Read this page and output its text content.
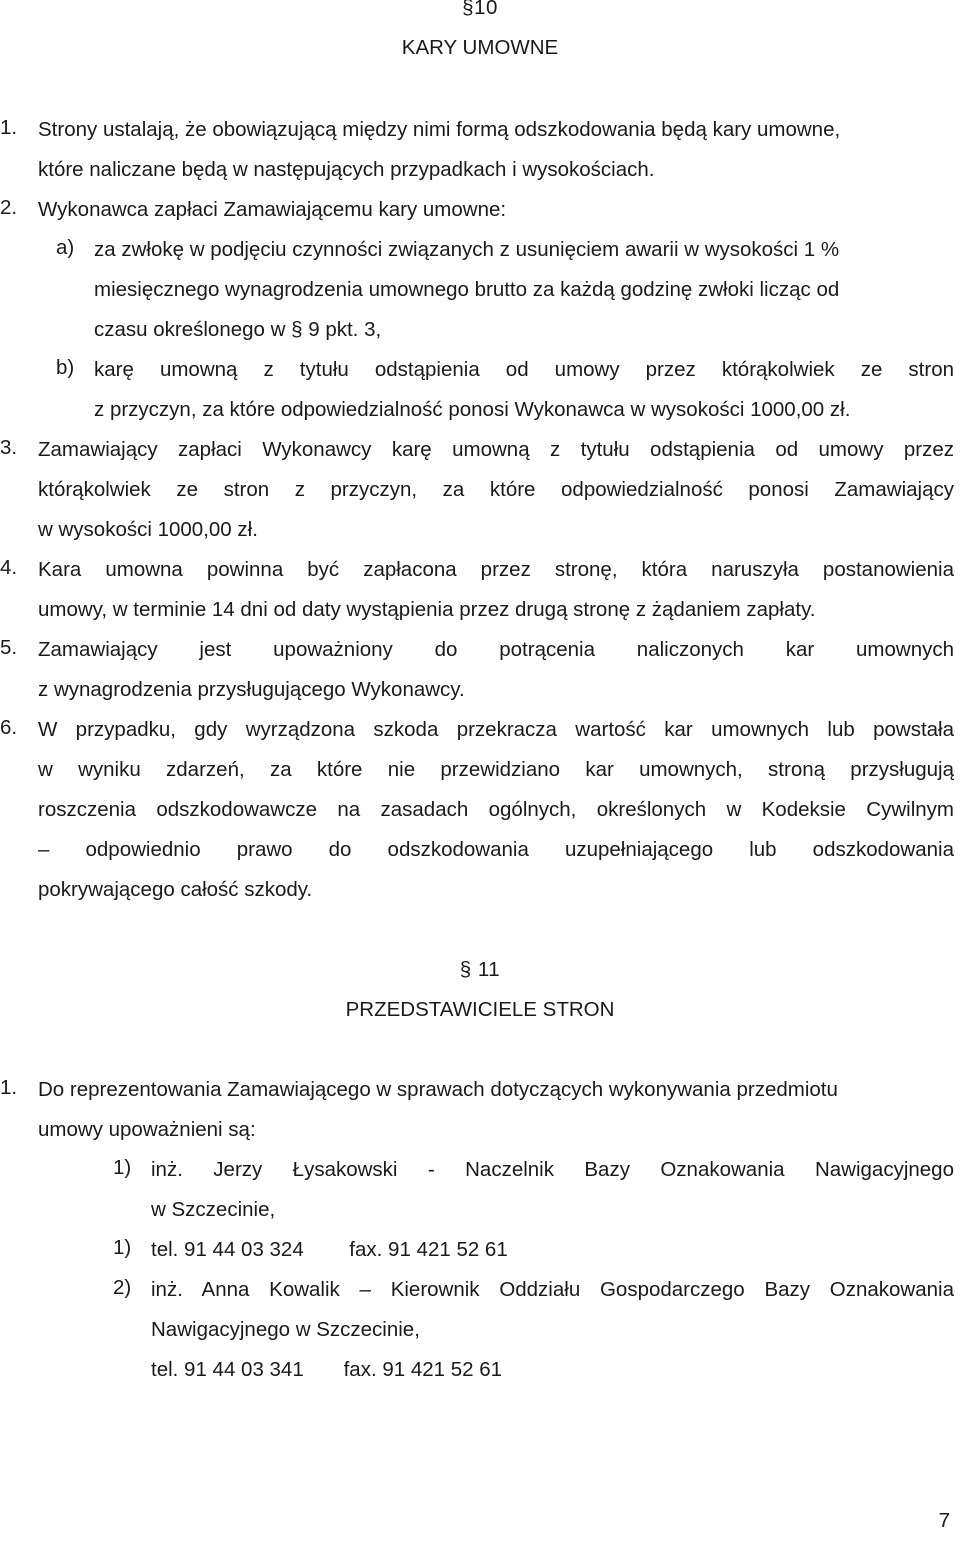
§10
KARY UMOWNE
1. Strony ustalają, że obowiązującą między nimi formą odszkodowania będą kary umowne,
które naliczane będą w następujących przypadkach i wysokościach.
2. Wykonawca zapłaci Zamawiającemu kary umowne:
a) za zwłokę w podjęciu czynności związanych z usunięciem awarii w wysokości 1 %
miesięcznego wynagrodzenia umownego brutto za każdą godzinę zwłoki licząc od
czasu określonego w § 9 pkt. 3,
b) karę umowną z tytułu odstąpienia od umowy przez którąkolwiek ze stron
z przyczyn, za które odpowiedzialność ponosi Wykonawca w wysokości 1000,00 zł.
3. Zamawiający zapłaci Wykonawcy karę umowną z tytułu odstąpienia od umowy przez
którąkolwiek ze stron z przyczyn, za które odpowiedzialność ponosi Zamawiający
w wysokości 1000,00 zł.
4. Kara umowna powinna być zapłacona przez stronę, która naruszyła postanowienia
umowy, w terminie 14 dni od daty wystąpienia przez drugą stronę z żądaniem zapłaty.
5. Zamawiający jest upoważniony do potrącenia naliczonych kar umownych
z wynagrodzenia przysługującego Wykonawcy.
6. W przypadku, gdy wyrządzona szkoda przekracza wartość kar umownych lub powstała
w wyniku zdarzeń, za które nie przewidziano kar umownych, stroną przysługują
roszczenia odszkodowawcze na zasadach ogólnych, określonych w Kodeksie Cywilnym
– odpowiednio prawo do odszkodowania uzupełniającego lub odszkodowania
pokrywającego całość szkody.
§ 11
PRZEDSTAWICIELE STRON
1. Do reprezentowania Zamawiającego w sprawach dotyczących wykonywania przedmiotu
umowy upoważnieni są:
1) inż. Jerzy Łysakowski - Naczelnik Bazy Oznakowania Nawigacyjnego
w Szczecinie,
1) tel. 91 44 03 324        fax. 91 421 52 61
2) inż. Anna Kowalik – Kierownik Oddziału Gospodarczego Bazy Oznakowania
Nawigacyjnego w Szczecinie,
tel. 91 44 03 341       fax. 91 421 52 61
7
